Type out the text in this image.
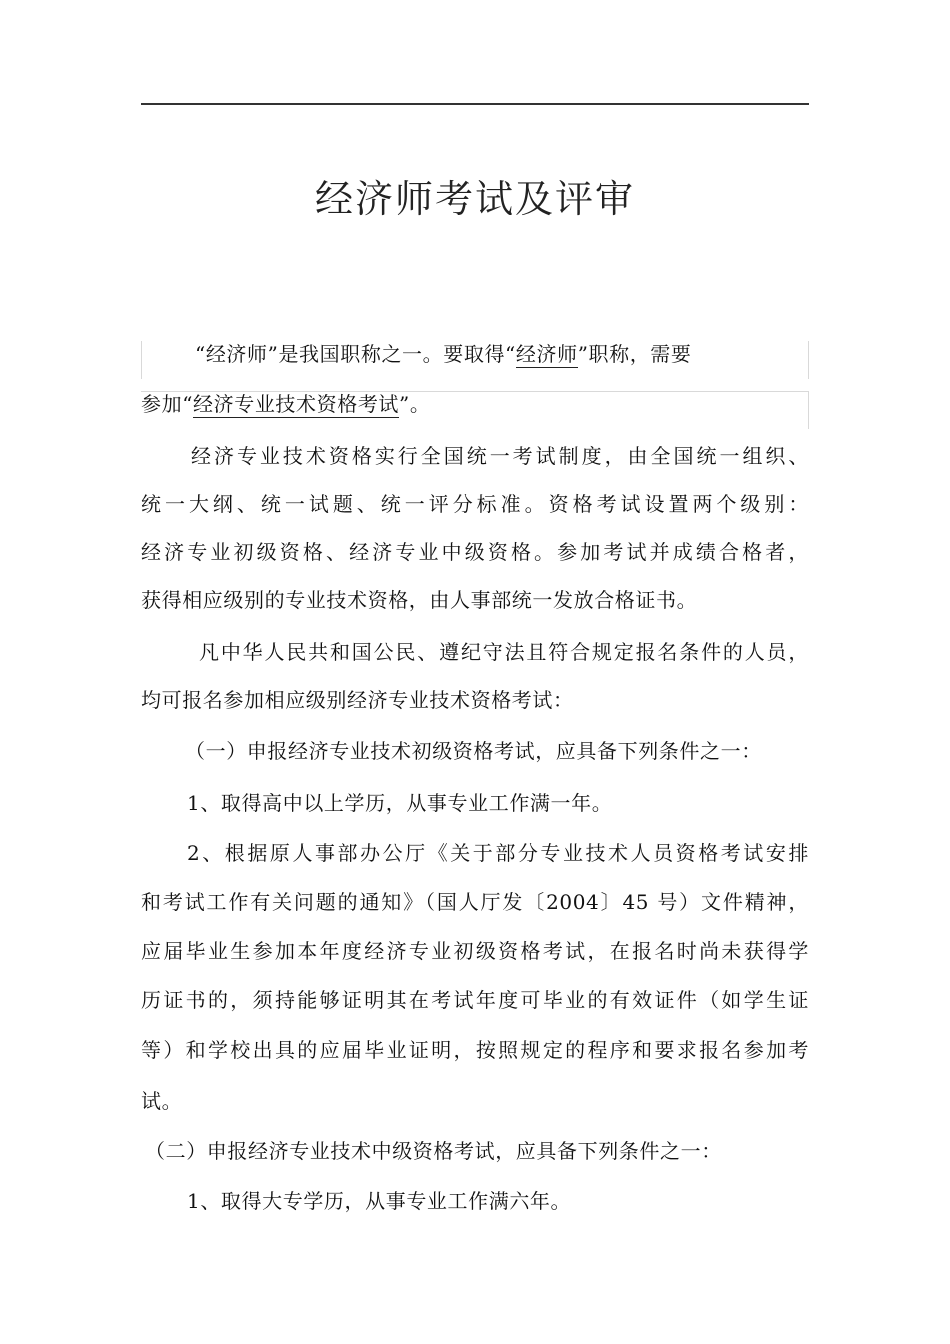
经济师考试及评审
“经济师”是我国职称之一。要取得“经济师”职称，需要
参加“经济专业技术资格考试”。
经济专业技术资格实行全国统一考试制度，由全国统一组织、
统一大纲、统一试题、统一评分标准。资格考试设置两个级别：
经济专业初级资格、经济专业中级资格。参加考试并成绩合格者，
获得相应级别的专业技术资格，由人事部统一发放合格证书。
凡中华人民共和国公民、遵纪守法且符合规定报名条件的人员，
均可报名参加相应级别经济专业技术资格考试：
（一）申报经济专业技术初级资格考试，应具备下列条件之一：
1、取得高中以上学历，从事专业工作满一年。
2、根据原人事部办公厅《关于部分专业技术人员资格考试安排
和考试工作有关问题的通知》（国人厅发〔2004〕45 号）文件精神，
应届毕业生参加本年度经济专业初级资格考试，在报名时尚未获得学
历证书的，须持能够证明其在考试年度可毕业的有效证件（如学生证
等）和学校出具的应届毕业证明，按照规定的程序和要求报名参加考
试。
（二）申报经济专业技术中级资格考试，应具备下列条件之一：
1、取得大专学历，从事专业工作满六年。
